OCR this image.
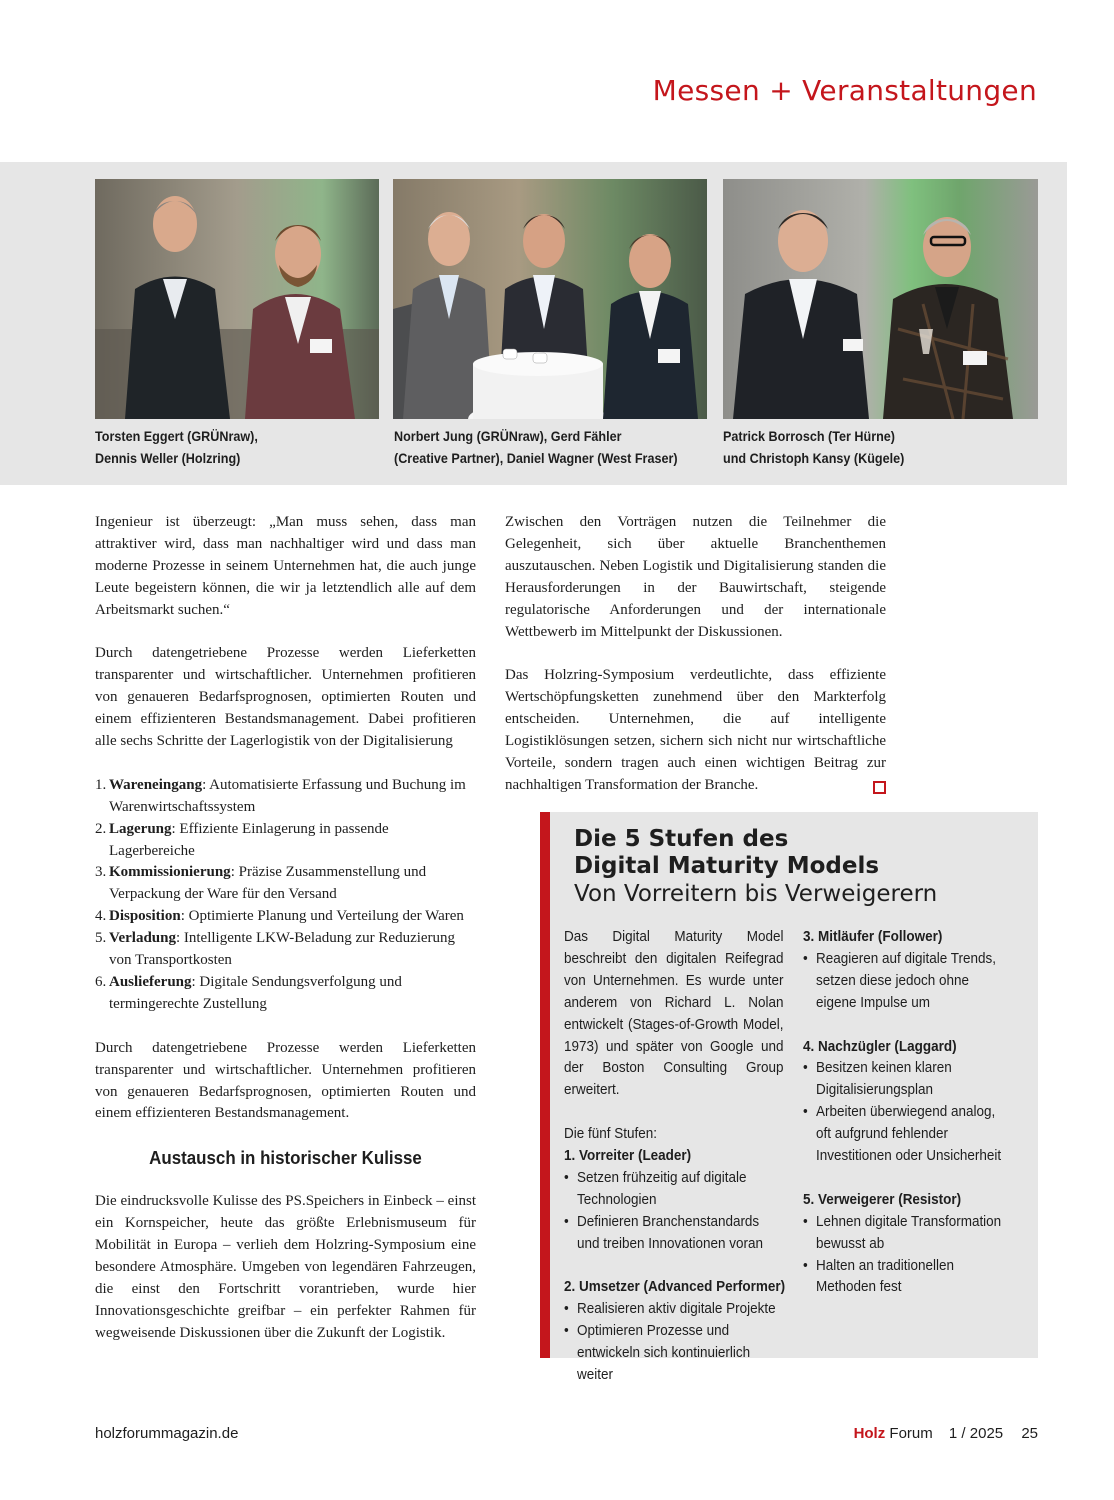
Messen + Veranstaltungen
Torsten Eggert (GRÜNraw),
Dennis Weller (Holzring)
Norbert Jung (GRÜNraw), Gerd Fähler
(Creative Partner), Daniel Wagner (West Fraser)
Patrick Borrosch (Ter Hürne)
und Christoph Kansy (Kügele)

Ingenieur ist überzeugt: „Man muss sehen, dass man attraktiver wird, dass man nachhaltiger wird und dass man moderne Prozesse in seinem Unternehmen hat, die auch junge Leute begeistern können, die wir ja letztendlich alle auf dem Arbeitsmarkt suchen.“

Durch datengetriebene Prozesse werden Lieferketten transparenter und wirtschaftlicher. Unternehmen profitieren von genaueren Bedarfsprognosen, optimierten Routen und einem effizienteren Bestandsmanagement. Dabei profitieren alle sechs Schritte der Lagerlogistik von der Digitalisierung

1. Wareneingang: Automatisierte Erfassung und Buchung im Warenwirtschaftssystem
2. Lagerung: Effiziente Einlagerung in passende Lagerbereiche
3. Kommissionierung: Präzise Zusammenstellung und Verpackung der Ware für den Versand
4. Disposition: Optimierte Planung und Verteilung der Waren
5. Verladung: Intelligente LKW-Beladung zur Reduzierung von Transportkosten
6. Auslieferung: Digitale Sendungsverfolgung und termingerechte Zustellung

Durch datengetriebene Prozesse werden Lieferketten transparenter und wirtschaftlicher. Unternehmen profitieren von genaueren Bedarfsprognosen, optimierten Routen und einem effizienteren Bestandsmanagement.

Austausch in historischer Kulisse

Die eindrucksvolle Kulisse des PS.Speichers in Einbeck – einst ein Kornspeicher, heute das größte Erlebnismuseum für Mobilität in Europa – verlieh dem Holzring-Symposium eine besondere Atmosphäre. Umgeben von legendären Fahrzeugen, die einst den Fortschritt vorantrieben, wurde hier Innovationsgeschichte greifbar – ein perfekter Rahmen für wegweisende Diskussionen über die Zukunft der Logistik.

Zwischen den Vorträgen nutzen die Teilnehmer die Gelegenheit, sich über aktuelle Branchenthemen auszutauschen. Neben Logistik und Digitalisierung standen die Herausforderungen in der Bauwirtschaft, steigende regulatorische Anforderungen und der internationale Wettbewerb im Mittelpunkt der Diskussionen.

Das Holzring-Symposium verdeutlichte, dass effiziente Wertschöpfungsketten zunehmend über den Markterfolg entscheiden. Unternehmen, die auf intelligente Logistiklösungen setzen, sichern sich nicht nur wirtschaftliche Vorteile, sondern tragen auch einen wichtigen Beitrag zur nachhaltigen Transformation der Branche.

Die 5 Stufen des
Digital Maturity Models
Von Vorreitern bis Verweigerern

Das Digital Maturity Model beschreibt den digitalen Reifegrad von Unternehmen. Es wurde unter anderem von Richard L. Nolan entwickelt (Stages-of-Growth Model, 1973) und später von Google und der Boston Consulting Group erweitert.

Die fünf Stufen:
1. Vorreiter (Leader)
• Setzen frühzeitig auf digitale Technologien
• Definieren Branchenstandards und treiben Innovationen voran
2. Umsetzer (Advanced Performer)
• Realisieren aktiv digitale Projekte
• Optimieren Prozesse und entwickeln sich kontinuierlich weiter
3. Mitläufer (Follower)
• Reagieren auf digitale Trends, setzen diese jedoch ohne eigene Impulse um
4. Nachzügler (Laggard)
• Besitzen keinen klaren Digitalisierungsplan
• Arbeiten überwiegend analog, oft aufgrund fehlender Investitionen oder Unsicherheit
5. Verweigerer (Resistor)
• Lehnen digitale Transformation bewusst ab
• Halten an traditionellen Methoden fest
holzforummagazin.de	Holz Forum 1 / 2025 25
